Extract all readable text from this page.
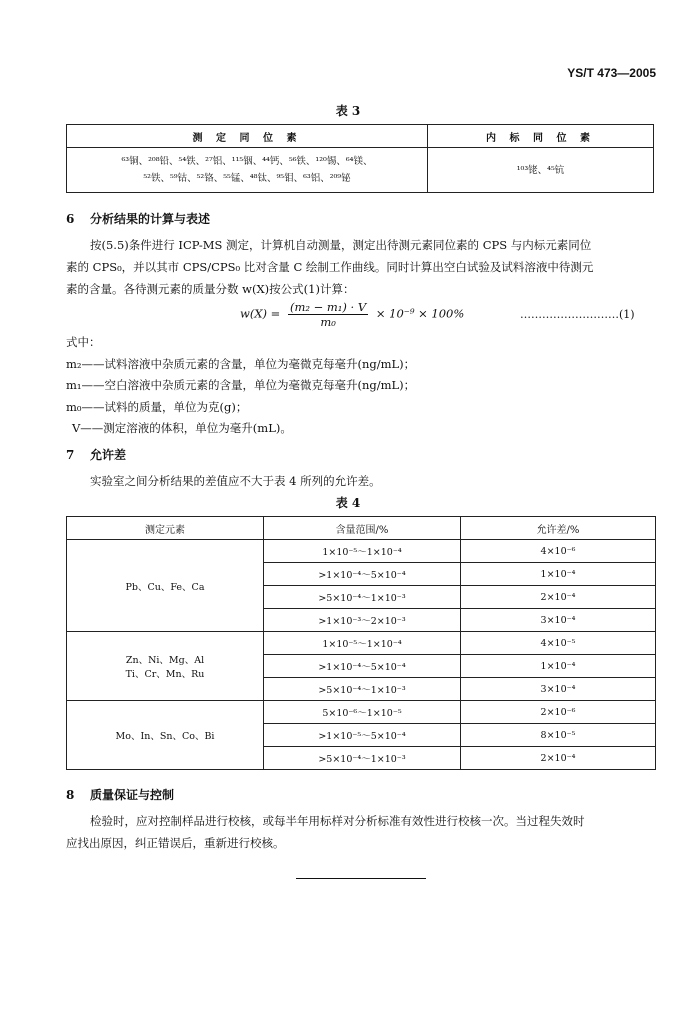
YS/T 473—2005
表 3
测 定 同 位 素	内 标 同 位 素
⁶³铜、²⁰⁸铅、⁵⁴铁、²⁷铝、¹¹⁵铟、⁴⁴钙、⁵⁶铁、¹²⁰锡、⁶⁴镁、
⁵²铁、⁵⁹钴、⁵²铬、⁵⁵锰、⁴⁸钛、⁹⁵钼、⁶³铝、²⁰⁹铋	¹⁰³铑、⁴⁵钪
6 分析结果的计算与表述
按(5.5)条件进行 ICP-MS 测定，计算机自动测量，测定出待测元素同位素的 CPS 与内标元素同位
素的 CPS₀，并以其市 CPS/CPS₀ 比对含量 C 绘制工作曲线。同时计算出空白试验及试料溶液中待测元
素的含量。各待测元素的质量分数 w(X)按公式(1)计算：
$w(X) = \frac{\text{(m₂ − m₁) · V}}{\text{m₀}} \times 10^{-9} \times 100\%$	………………………(1)
式中：
m₂——试料溶液中杂质元素的含量，单位为毫微克每毫升(ng/mL)；
m₁——空白溶液中杂质元素的含量，单位为毫微克每毫升(ng/mL)；
m₀——试料的质量，单位为克(g)；
V——测定溶液的体积，单位为毫升(mL)。
7 允许差
实验室之间分析结果的差值应不大于表 4 所列的允许差。
表 4
测定元素	含量范围/%	允许差/%
Pb、Cu、Fe、Ca	1×10⁻⁵～1×10⁻⁴	4×10⁻⁶
	>1×10⁻⁴～5×10⁻⁴	1×10⁻⁴
	>5×10⁻⁴～1×10⁻³	2×10⁻⁴
	>1×10⁻³～2×10⁻³	3×10⁻⁴
Zn、Ni、Mg、Al
Ti、Cr、Mn、Ru	1×10⁻⁵～1×10⁻⁴	4×10⁻⁵
	>1×10⁻⁴～5×10⁻⁴	1×10⁻⁴
	>5×10⁻⁴～1×10⁻³	3×10⁻⁴
Mo、In、Sn、Co、Bi	5×10⁻⁶～1×10⁻⁵	2×10⁻⁶
	>1×10⁻⁵～5×10⁻⁴	8×10⁻⁵
	>5×10⁻⁴～1×10⁻³	2×10⁻⁴
8 质量保证与控制
检验时，应对控制样品进行校核，或每半年用标样对分析标准有效性进行校核一次。当过程失效时
应找出原因，纠正错误后，重新进行校核。
